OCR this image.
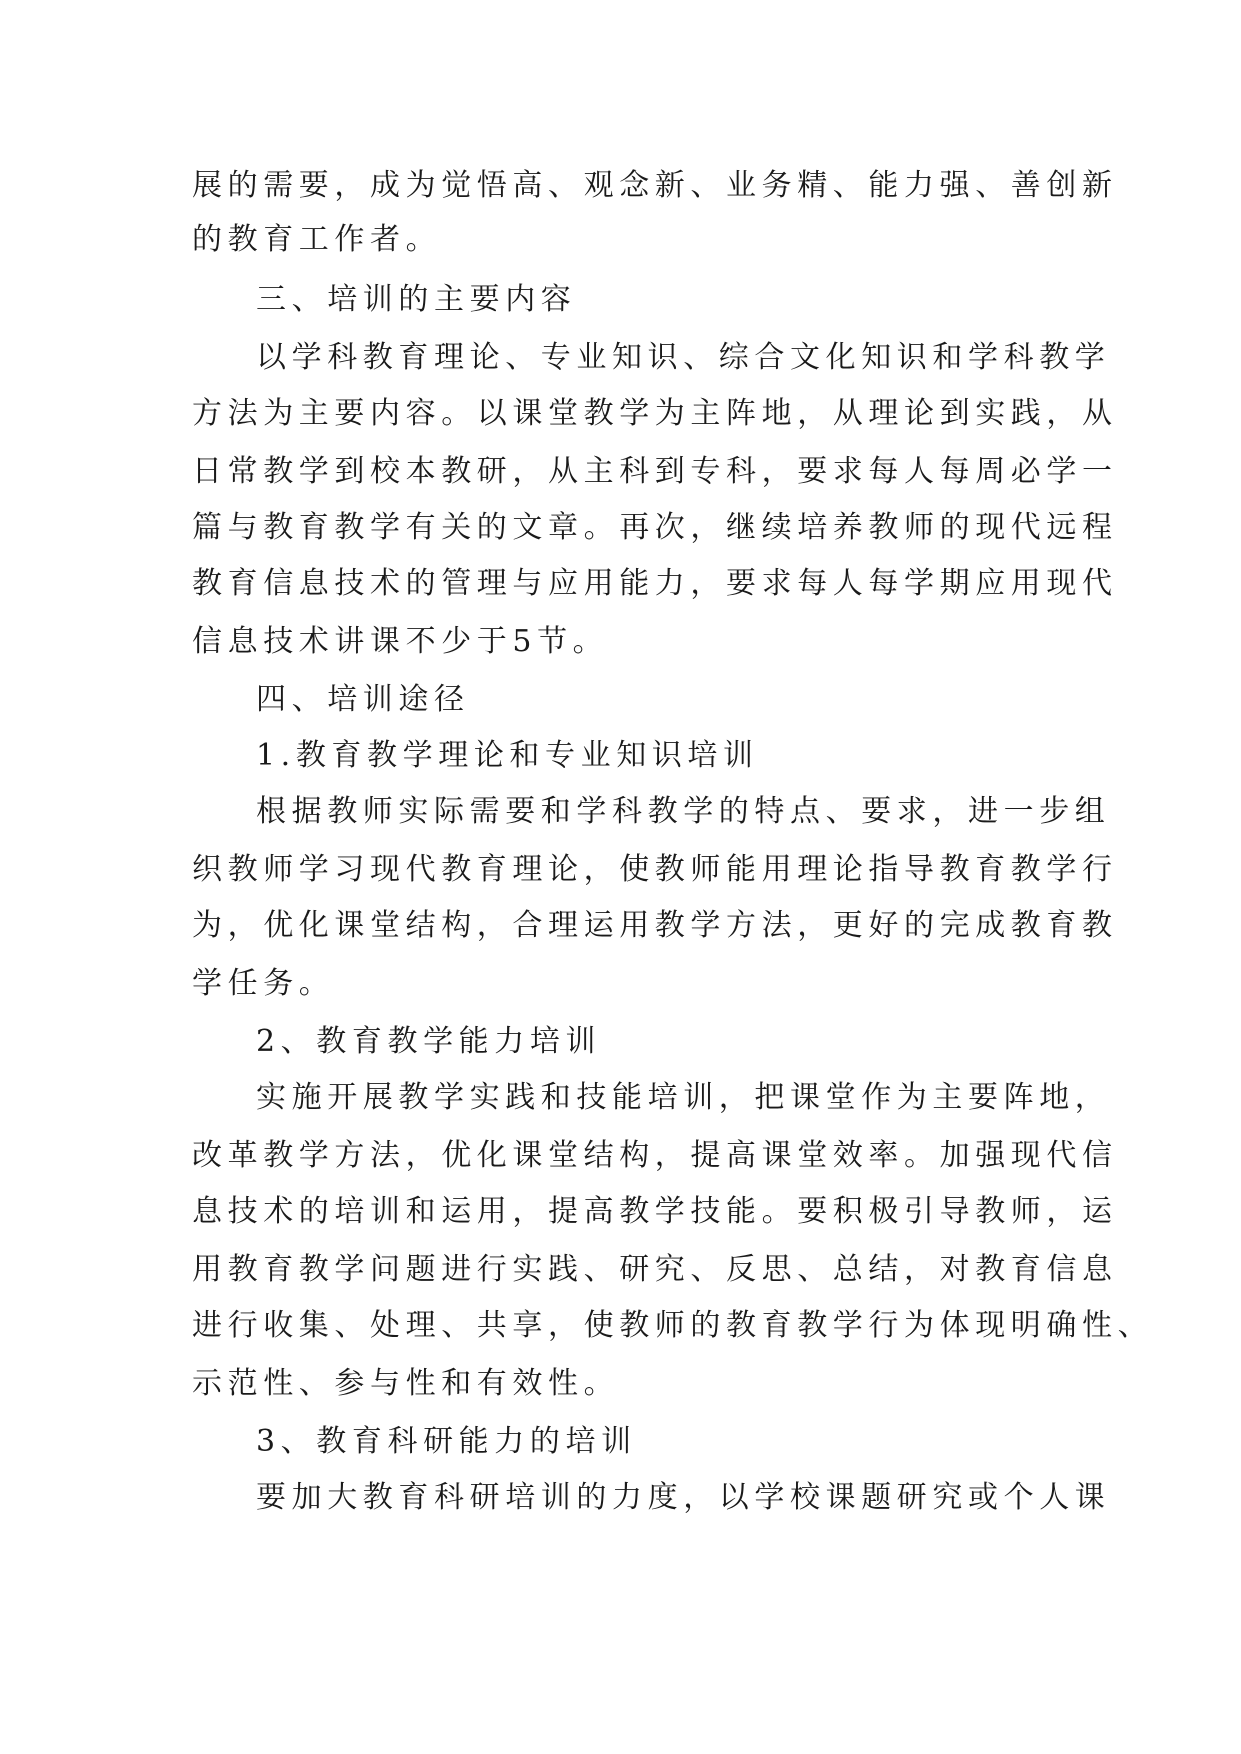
展的需要，成为觉悟高、观念新、业务精、能力强、善创新
的教育工作者。
三、培训的主要内容
以学科教育理论、专业知识、综合文化知识和学科教学
方法为主要内容。以课堂教学为主阵地，从理论到实践，从
日常教学到校本教研，从主科到专科，要求每人每周必学一
篇与教育教学有关的文章。再次，继续培养教师的现代远程
教育信息技术的管理与应用能力，要求每人每学期应用现代
信息技术讲课不少于5节。
四、培训途径
1.教育教学理论和专业知识培训
根据教师实际需要和学科教学的特点、要求，进一步组
织教师学习现代教育理论，使教师能用理论指导教育教学行
为，优化课堂结构，合理运用教学方法，更好的完成教育教
学任务。
2、教育教学能力培训
实施开展教学实践和技能培训，把课堂作为主要阵地，
改革教学方法，优化课堂结构，提高课堂效率。加强现代信
息技术的培训和运用，提高教学技能。要积极引导教师，运
用教育教学问题进行实践、研究、反思、总结，对教育信息
进行收集、处理、共享，使教师的教育教学行为体现明确性、
示范性、参与性和有效性。
3、教育科研能力的培训
要加大教育科研培训的力度，以学校课题研究或个人课
